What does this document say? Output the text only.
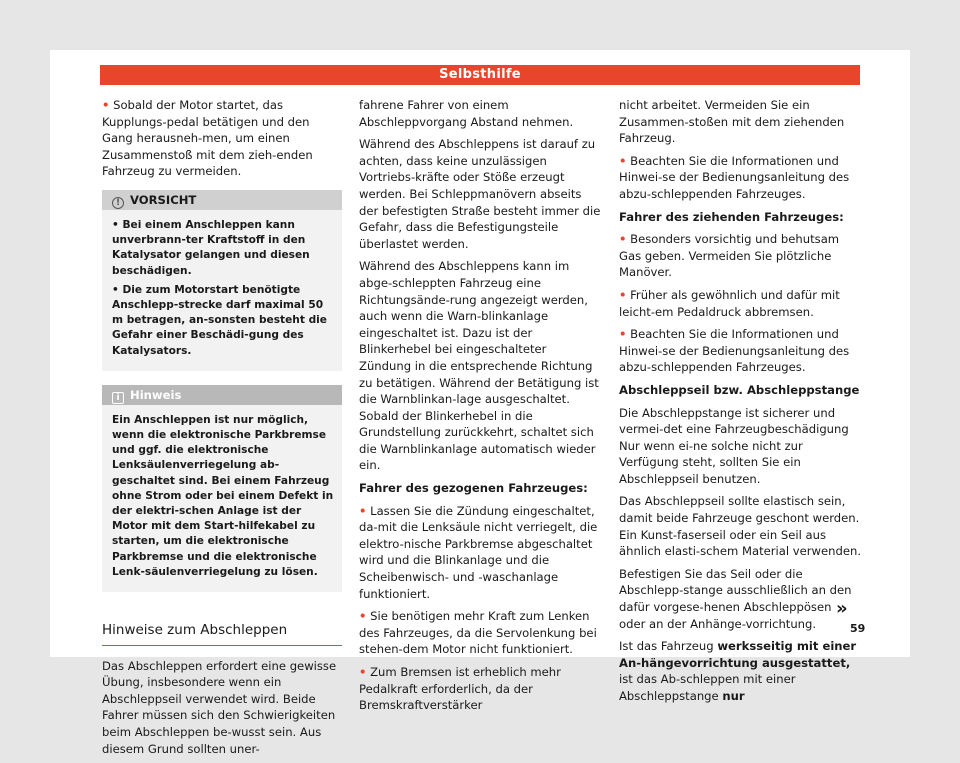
Selbsthilfe

• Sobald der Motor startet, das Kupplungs-pedal betätigen und den Gang herausneh-men, um einen Zusammenstoß mit dem zieh-enden Fahrzeug zu vermeiden.

! VORSICHT

• Bei einem Anschleppen kann unverbrann-ter Kraftstoff in den Katalysator gelangen und diesen beschädigen.

• Die zum Motorstart benötigte Anschlepp-strecke darf maximal 50 m betragen, an-sonsten besteht die Gefahr einer Beschädi-gung des Katalysators.

i Hinweis

Ein Anschleppen ist nur möglich, wenn die elektronische Parkbremse und ggf. die elektronische Lenksäulenverriegelung ab-geschaltet sind. Bei einem Fahrzeug ohne Strom oder bei einem Defekt in der elektri-schen Anlage ist der Motor mit dem Start-hilfekabel zu starten, um die elektronische Parkbremse und die elektronische Lenk-säulenverriegelung zu lösen.

Hinweise zum Abschleppen

Das Abschleppen erfordert eine gewisse Übung, insbesondere wenn ein Abschleppseil verwendet wird. Beide Fahrer müssen sich den Schwierigkeiten beim Abschleppen be-wusst sein. Aus diesem Grund sollten uner-

fahrene Fahrer von einem Abschleppvorgang Abstand nehmen.

Während des Abschleppens ist darauf zu achten, dass keine unzulässigen Vortriebs-kräfte oder Stöße erzeugt werden. Bei Schleppmanövern abseits der befestigten Straße besteht immer die Gefahr, dass die Befestigungsteile überlastet werden.

Während des Abschleppens kann im abge-schleppten Fahrzeug eine Richtungsände-rung angezeigt werden, auch wenn die Warn-blinkanlage eingeschaltet ist. Dazu ist der Blinkerhebel bei eingeschalteter Zündung in die entsprechende Richtung zu betätigen. Während der Betätigung ist die Warnblinkan-lage ausgeschaltet. Sobald der Blinkerhebel in die Grundstellung zurückkehrt, schaltet sich die Warnblinkanlage automatisch wieder ein.

Fahrer des gezogenen Fahrzeuges:

• Lassen Sie die Zündung eingeschaltet, da-mit die Lenksäule nicht verriegelt, die elektro-nische Parkbremse abgeschaltet wird und die Blinkanlage und die Scheibenwisch- und -waschanlage funktioniert.

• Sie benötigen mehr Kraft zum Lenken des Fahrzeuges, da die Servolenkung bei stehen-dem Motor nicht funktioniert.

• Zum Bremsen ist erheblich mehr Pedalkraft erforderlich, da der Bremskraftverstärker

nicht arbeitet. Vermeiden Sie ein Zusammen-stoßen mit dem ziehenden Fahrzeug.

• Beachten Sie die Informationen und Hinwei-se der Bedienungsanleitung des abzu-schleppenden Fahrzeuges.

Fahrer des ziehenden Fahrzeuges:

• Besonders vorsichtig und behutsam Gas geben. Vermeiden Sie plötzliche Manöver.

• Früher als gewöhnlich und dafür mit leicht-em Pedaldruck abbremsen.

• Beachten Sie die Informationen und Hinwei-se der Bedienungsanleitung des abzu-schleppenden Fahrzeuges.

Abschleppseil bzw. Abschleppstange

Die Abschleppstange ist sicherer und vermei-det eine Fahrzeugbeschädigung Nur wenn ei-ne solche nicht zur Verfügung steht, sollten Sie ein Abschleppseil benutzen.

Das Abschleppseil sollte elastisch sein, damit beide Fahrzeuge geschont werden. Ein Kunst-faserseil oder ein Seil aus ähnlich elasti-schem Material verwenden.

Befestigen Sie das Seil oder die Abschlepp-stange ausschließlich an den dafür vorgese-henen Abschleppösen oder an der Anhänge-vorrichtung.

Ist das Fahrzeug werksseitig mit einer An-hängevorrichtung ausgestattet, ist das Ab-schleppen mit einer Abschleppstange nur

»
59
